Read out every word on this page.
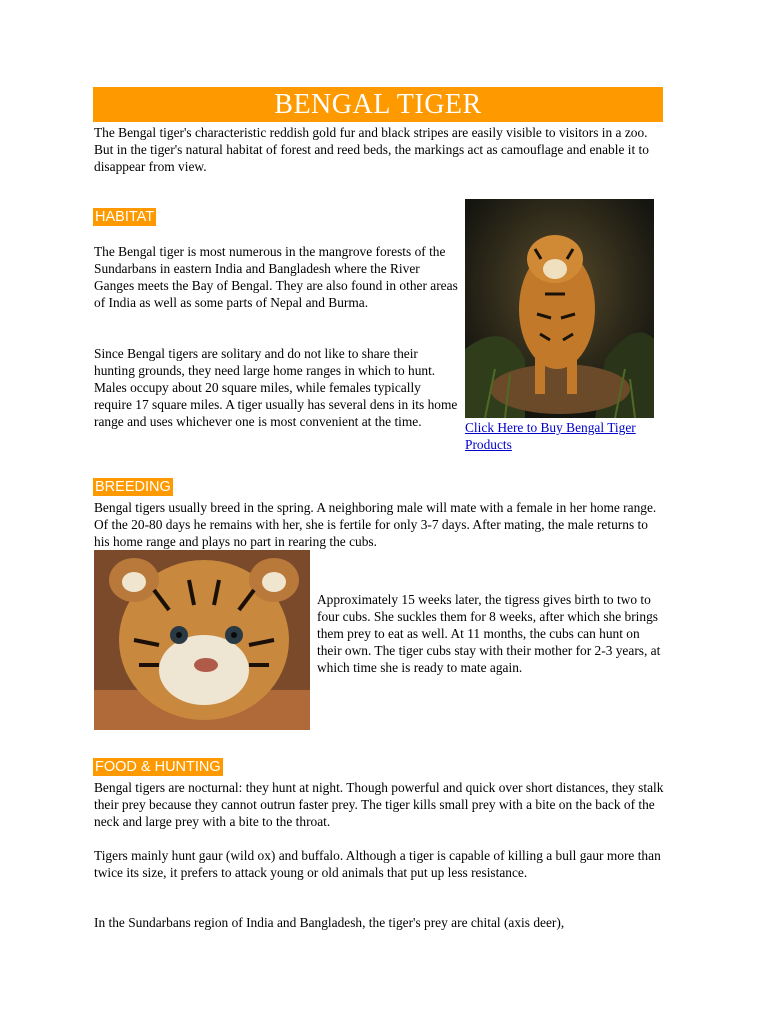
BENGAL TIGER

The Bengal tiger's characteristic reddish gold fur and black stripes are easily visible to visitors in a zoo. But in the tiger's natural habitat of forest and reed beds, the markings act as camouflage and enable it to disappear from view.

HABITAT

The Bengal tiger is most numerous in the mangrove forests of the Sundarbans in eastern India and Bangladesh where the River Ganges meets the Bay of Bengal. They are also found in other areas of India as well as some parts of Nepal and Burma.

Since Bengal tigers are solitary and do not like to share their hunting grounds, they need large home ranges in which to hunt. Males occupy about 20 square miles, while females typically require 17 square miles. A tiger usually has several dens in its home range and uses whichever one is most convenient at the time.	Click Here to Buy Bengal Tiger Products
BREEDING

Bengal tigers usually breed in the spring. A neighboring male will mate with a female in her home range. Of the 20-80 days he remains with her, she is fertile for only 3-7 days. After mating, the male returns to his home range and plays no part in rearing the cubs.

Approximately 15 weeks later, the tigress gives birth to two to four cubs. She suckles them for 8 weeks, after which she brings them prey to eat as well. At 11 months, the cubs can hunt on their own. The tiger cubs stay with their mother for 2-3 years, at which time she is ready to mate again.

FOOD & HUNTING

Bengal tigers are nocturnal: they hunt at night. Though powerful and quick over short distances, they stalk their prey because they cannot outrun faster prey. The tiger kills small prey with a bite on the back of the neck and large prey with a bite to the throat.

Tigers mainly hunt gaur (wild ox) and buffalo. Although a tiger is capable of killing a bull gaur more than twice its size, it prefers to attack young or old animals that put up less resistance.

In the Sundarbans region of India and Bangladesh, the tiger's prey are chital (axis deer),
